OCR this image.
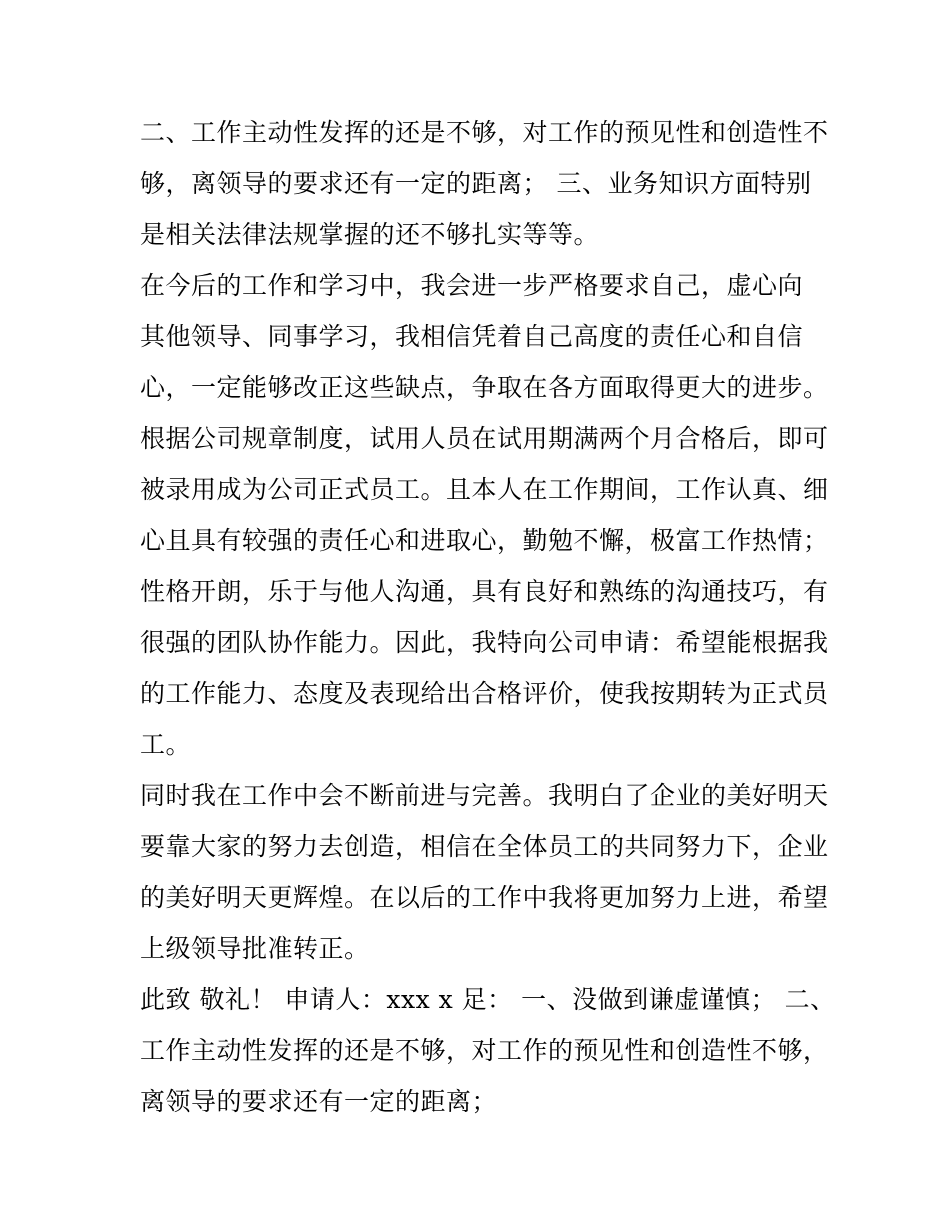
二、工作主动性发挥的还是不够，对工作的预见性和创造性不
够，离领导的要求还有一定的距离； 三、业务知识方面特别
是相关法律法规掌握的还不够扎实等等。
在今后的工作和学习中，我会进一步严格要求自己，虚心向
其他领导、同事学习，我相信凭着自己高度的责任心和自信
心，一定能够改正这些缺点，争取在各方面取得更大的进步。
根据公司规章制度，试用人员在试用期满两个月合格后，即可
被录用成为公司正式员工。且本人在工作期间，工作认真、细
心且具有较强的责任心和进取心，勤勉不懈，极富工作热情；
性格开朗，乐于与他人沟通，具有良好和熟练的沟通技巧，有
很强的团队协作能力。因此，我特向公司申请：希望能根据我
的工作能力、态度及表现给出合格评价，使我按期转为正式员
工。
同时我在工作中会不断前进与完善。我明白了企业的美好明天
要靠大家的努力去创造，相信在全体员工的共同努力下，企业
的美好明天更辉煌。在以后的工作中我将更加努力上进，希望
上级领导批准转正。
此致 敬礼！ 申请人：xxx x 足： 一、没做到谦虚谨慎； 二、
工作主动性发挥的还是不够，对工作的预见性和创造性不够，
离领导的要求还有一定的距离；
